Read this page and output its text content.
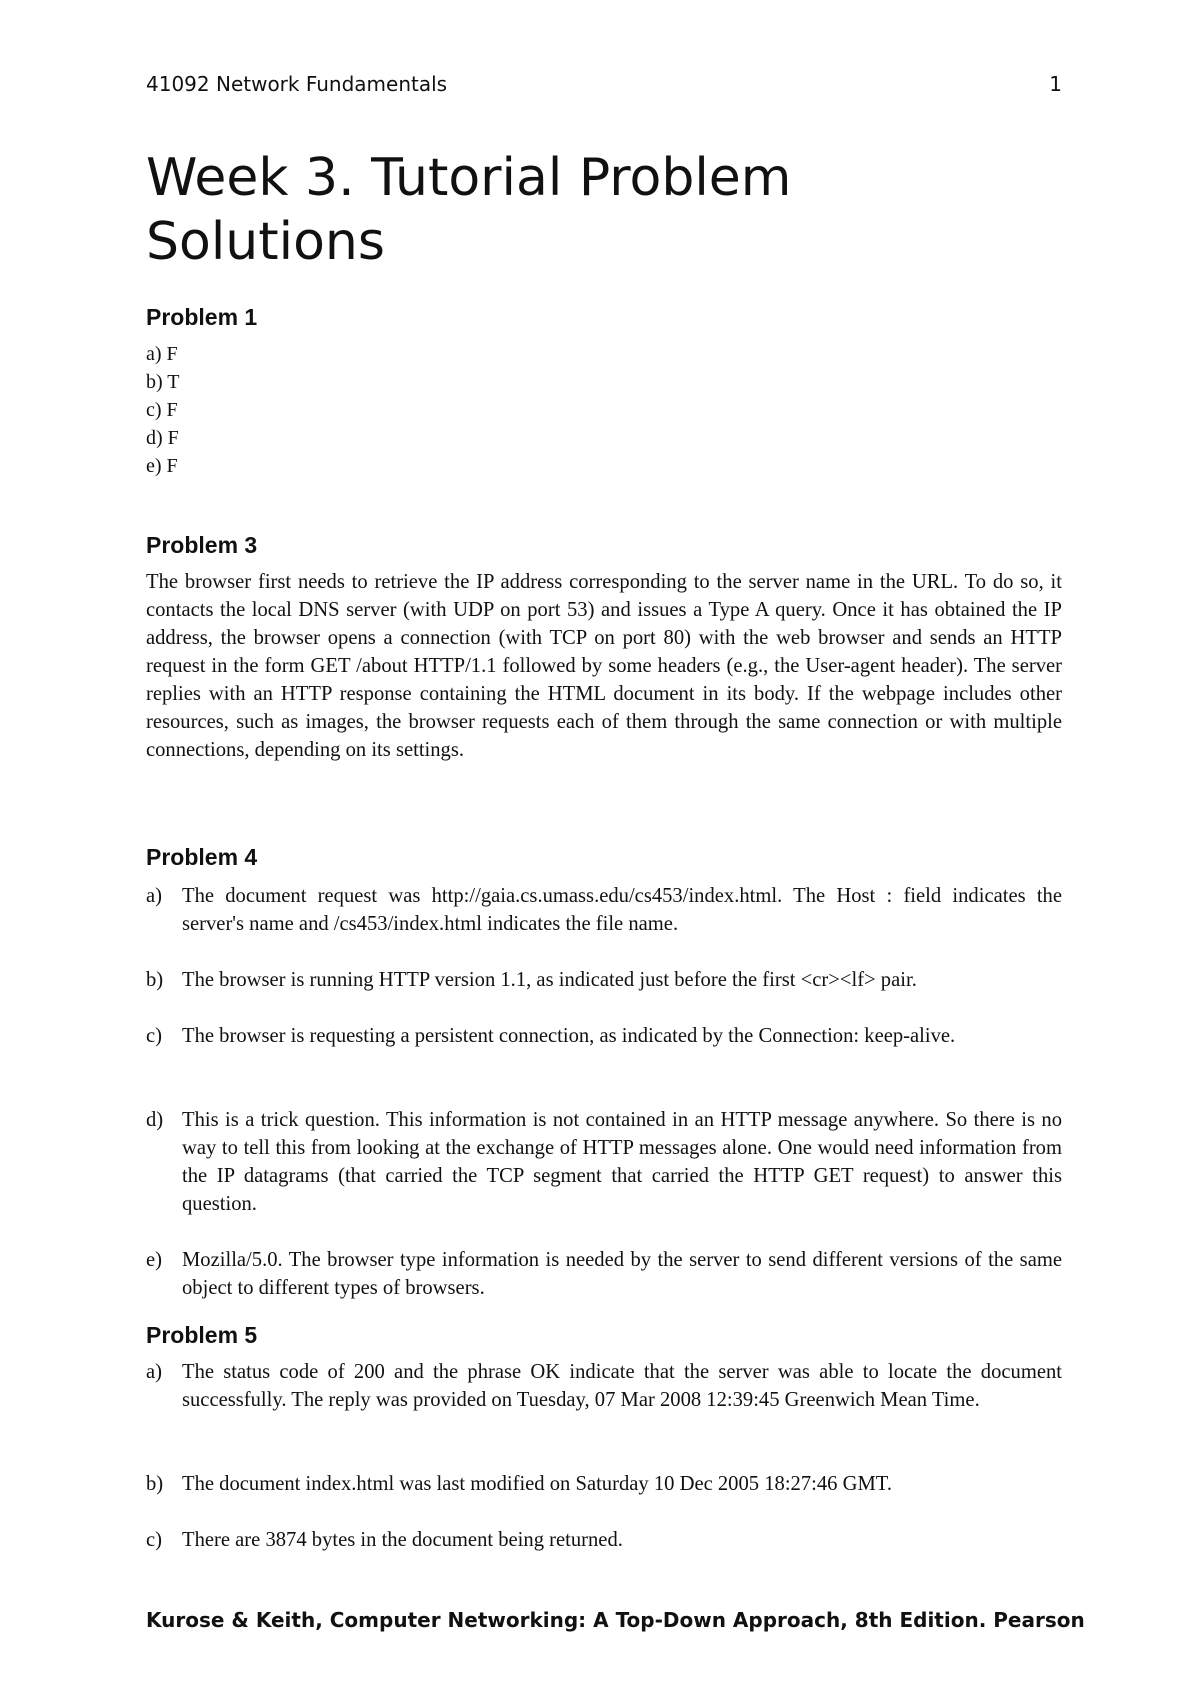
41092 Network Fundamentals	1
Week 3. Tutorial Problem Solutions
Problem 1
a) F
b) T
c) F
d) F
e) F
Problem 3

The browser first needs to retrieve the IP address corresponding to the server name in the URL. To do so, it contacts the local DNS server (with UDP on port 53) and issues a Type A query. Once it has obtained the IP address, the browser opens a connection (with TCP on port 80) with the web browser and sends an HTTP request in the form GET /about HTTP/1.1 followed by some headers (e.g., the User-agent header). The server replies with an HTTP response containing the HTML document in its body. If the webpage includes other resources, such as images, the browser requests each of them through the same connection or with multiple connections, depending on its settings.

Problem 4
a) The document request was http://gaia.cs.umass.edu/cs453/index.html. The Host : field indicates the server's name and /cs453/index.html indicates the file name.
b) The browser is running HTTP version 1.1, as indicated just before the first <cr><lf> pair.
c) The browser is requesting a persistent connection, as indicated by the Connection: keep-alive.
d) This is a trick question. This information is not contained in an HTTP message anywhere. So there is no way to tell this from looking at the exchange of HTTP messages alone. One would need information from the IP datagrams (that carried the TCP segment that carried the HTTP GET request) to answer this question.
e) Mozilla/5.0. The browser type information is needed by the server to send different versions of the same object to different types of browsers.
Problem 5
a) The status code of 200 and the phrase OK indicate that the server was able to locate the document successfully. The reply was provided on Tuesday, 07 Mar 2008 12:39:45 Greenwich Mean Time.
b) The document index.html was last modified on Saturday 10 Dec 2005 18:27:46 GMT.
c) There are 3874 bytes in the document being returned.
Kurose & Keith, Computer Networking: A Top-Down Approach, 8th Edition. Pearson
